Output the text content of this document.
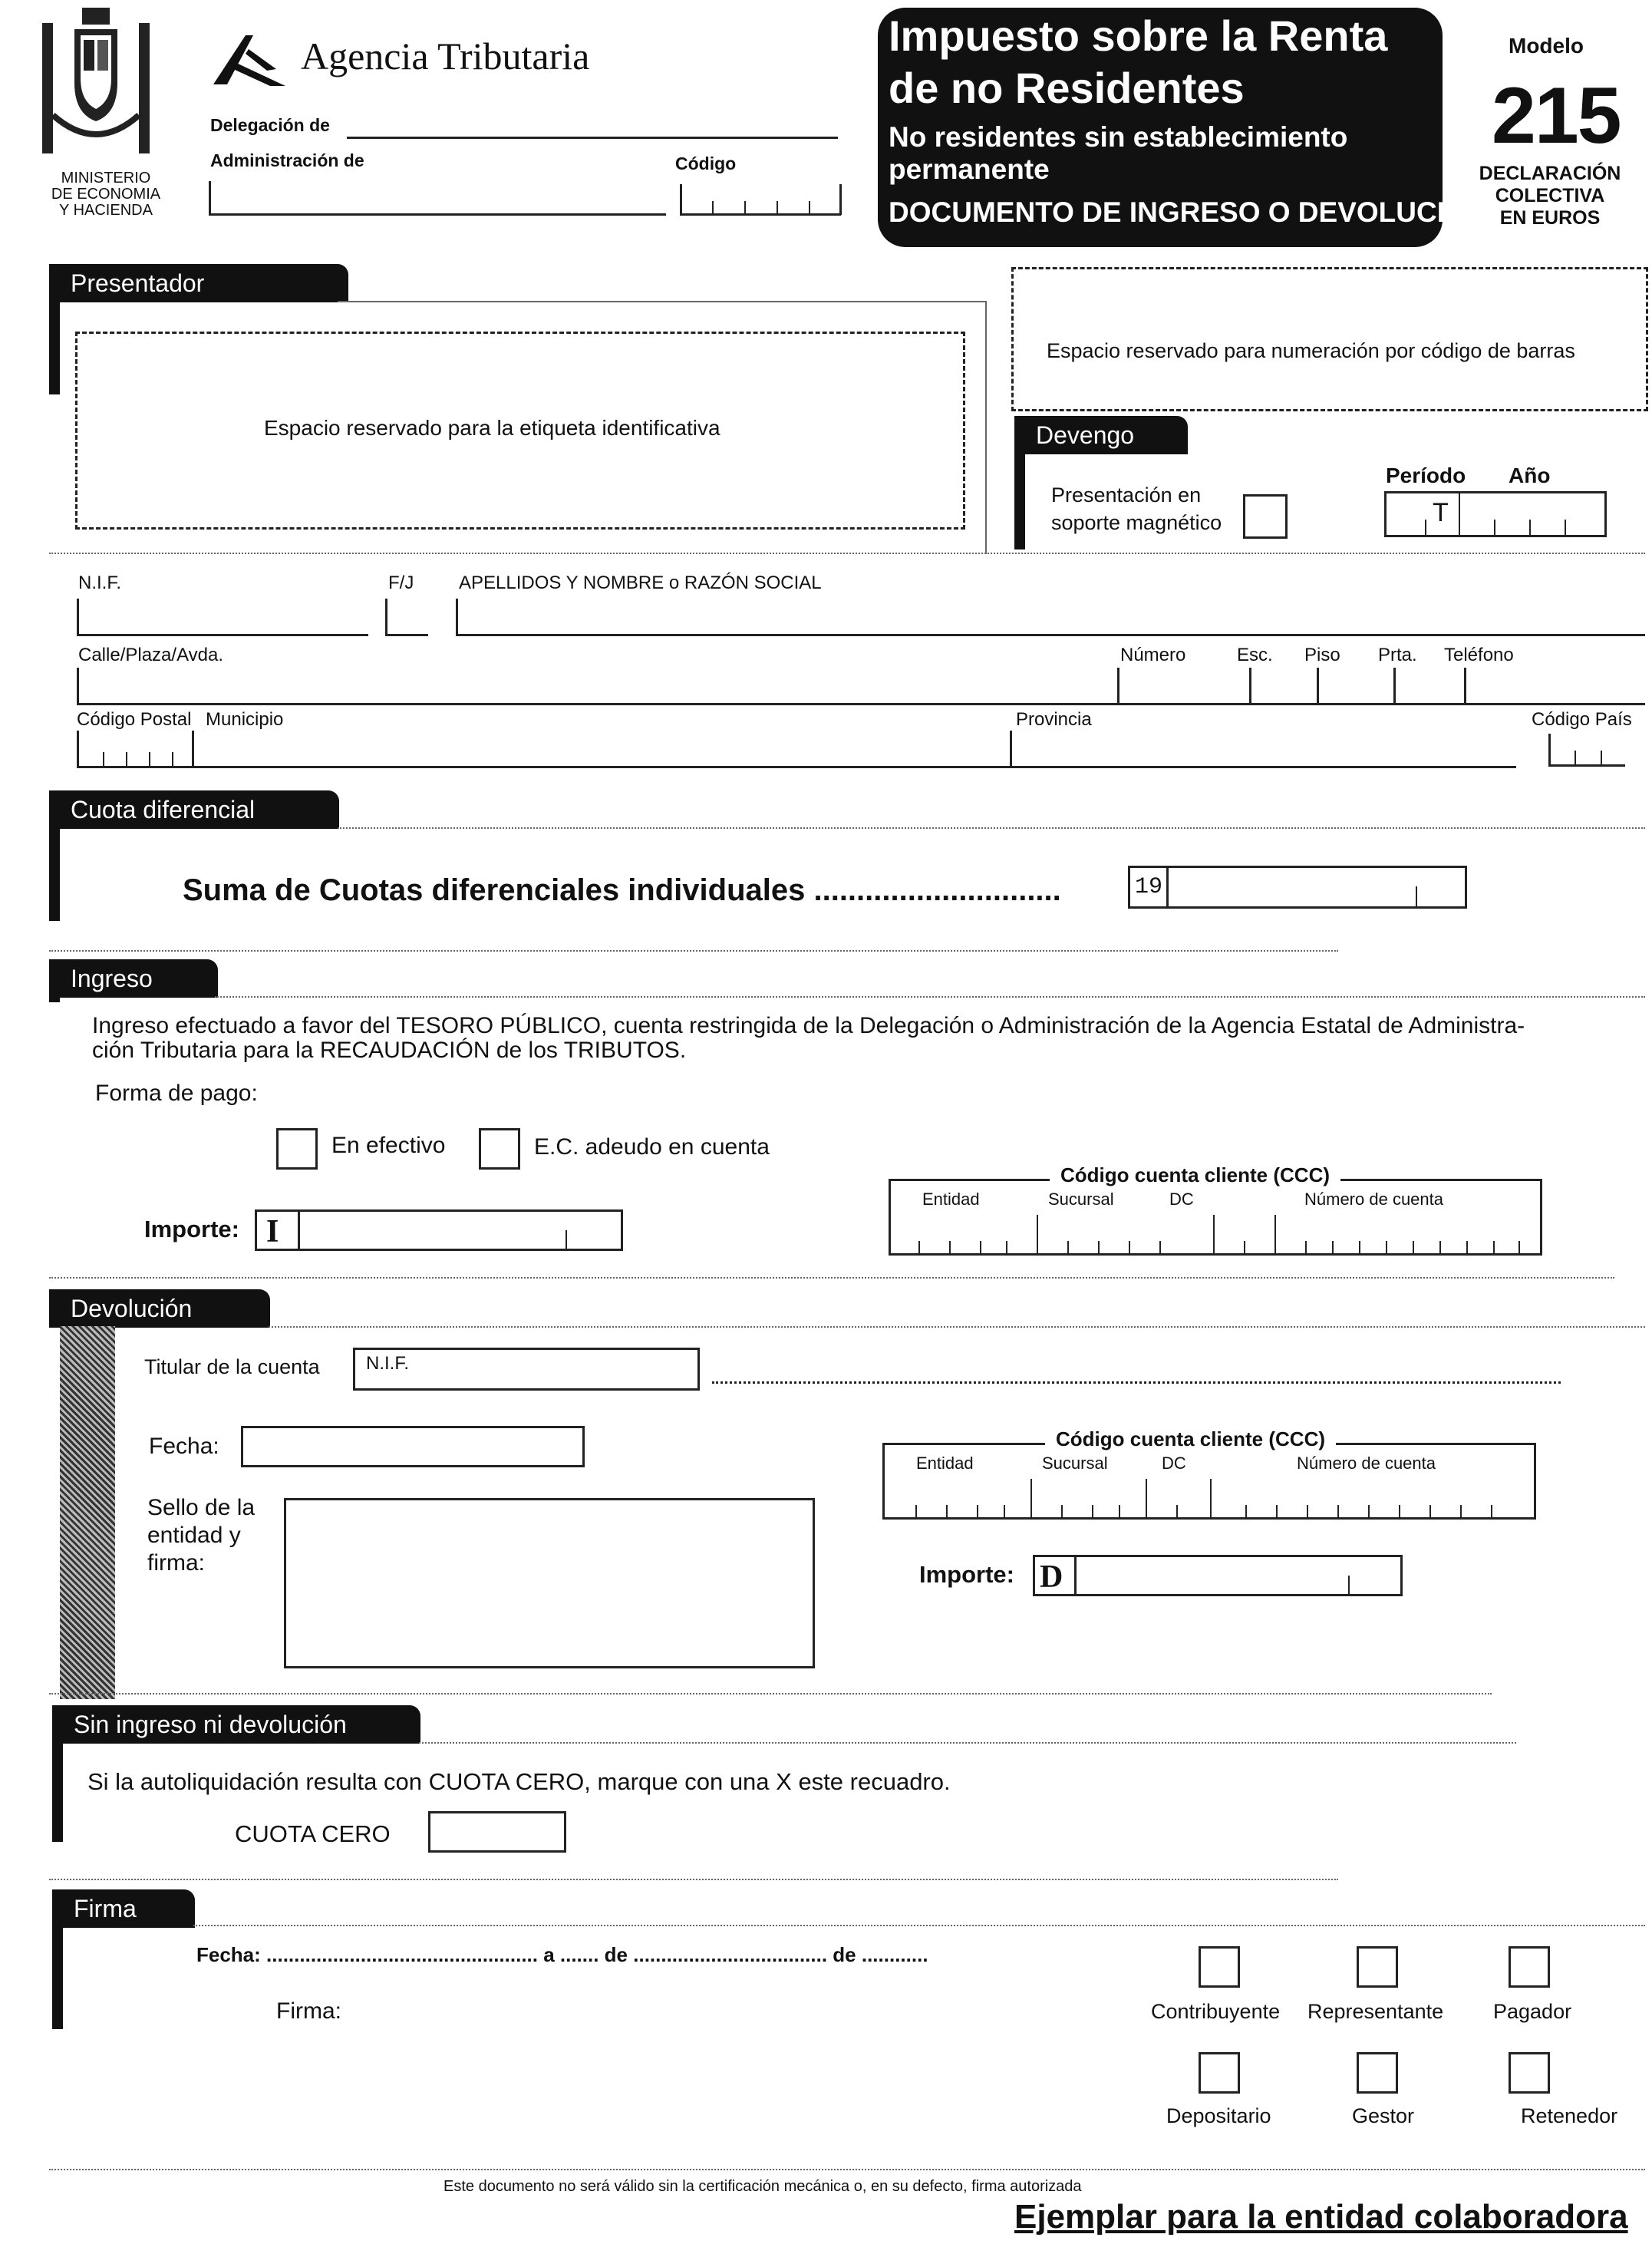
MINISTERIO
DE ECONOMIA
Y HACIENDA
Agencia Tributaria
Delegación de
Administración de	Código
Impuesto sobre la Renta
de no Residentes
No residentes sin establecimiento
permanente
DOCUMENTO DE INGRESO O DEVOLUCIÓN
Modelo
215
DECLARACIÓN
COLECTIVA
EN EUROS
Presentador
Espacio reservado para la etiqueta identificativa
Espacio reservado para numeración por código de barras
Devengo
Presentación en
soporte magnético
Período Año
T
N.I.F.	F/J APELLIDOS Y NOMBRE o RAZÓN SOCIAL
Calle/Plaza/Avda.	Número	Esc. Piso Prta. Teléfono
Código Postal Municipio	Provincia	Código País
Cuota diferencial
Suma de Cuotas diferenciales individuales .............................	19
Ingreso
Ingreso efectuado a favor del TESORO PÚBLICO, cuenta restringida de la Delegación o Administración de la Agencia Estatal de Administra-
ción Tributaria para la RECAUDACIÓN de los TRIBUTOS.
Forma de pago:
En efectivo	E.C. adeudo en cuenta
Importe: I
Código cuenta cliente (CCC)
Entidad	Sucursal	DC	Número de cuenta
Devolución
Titular de la cuenta	N.I.F.
Fecha:
Sello de la
entidad y
firma:
Código cuenta cliente (CCC)
Entidad	Sucursal	DC	Número de cuenta
Importe: D
Sin ingreso ni devolución
Si la autoliquidación resulta con CUOTA CERO, marque con una X este recuadro.
CUOTA CERO
Firma
Fecha: ................................................. a ....... de ................................... de ............
Firma:	Contribuyente Representante Pagador
Depositario	Gestor	Retenedor
Este documento no será válido sin la certificación mecánica o, en su defecto, firma autorizada
Ejemplar para la entidad colaboradora
